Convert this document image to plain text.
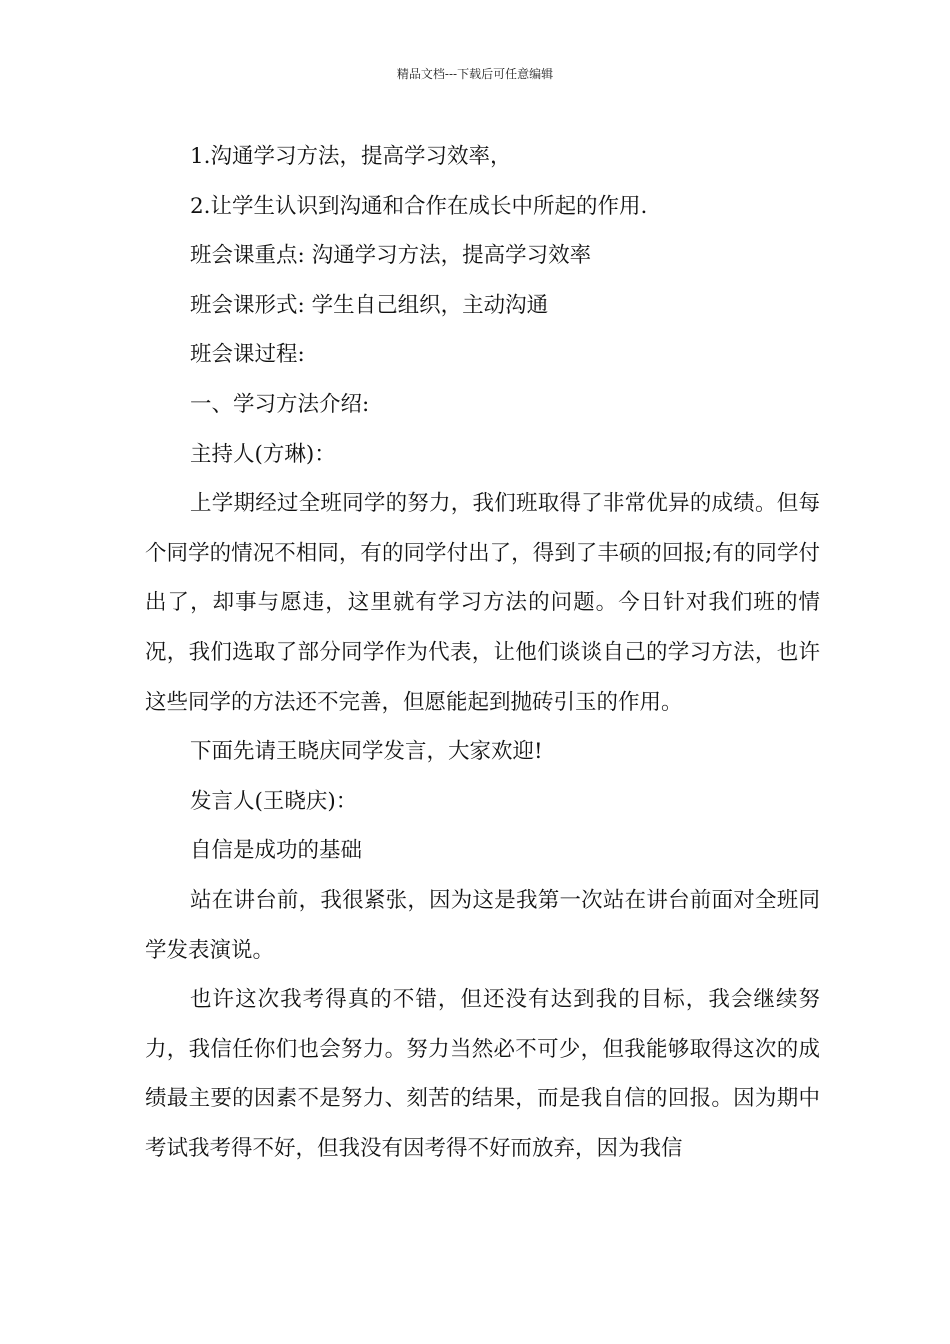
精品文档---下载后可任意编辑

1.沟通学习方法，提高学习效率，

2.让学生认识到沟通和合作在成长中所起的作用.

班会课重点: 沟通学习方法，提高学习效率

班会课形式: 学生自己组织，主动沟通

班会课过程:

一、学习方法介绍:

主持人(方琳)：

上学期经过全班同学的努力，我们班取得了非常优异的成绩。但每个同学的情况不相同，有的同学付出了，得到了丰硕的回报;有的同学付出了，却事与愿违，这里就有学习方法的问题。今日针对我们班的情况，我们选取了部分同学作为代表，让他们谈谈自己的学习方法，也许这些同学的方法还不完善，但愿能起到抛砖引玉的作用。

下面先请王晓庆同学发言，大家欢迎!

发言人(王晓庆)：

自信是成功的基础

站在讲台前，我很紧张，因为这是我第一次站在讲台前面对全班同学发表演说。

也许这次我考得真的不错，但还没有达到我的目标，我会继续努力，我信任你们也会努力。努力当然必不可少，但我能够取得这次的成绩最主要的因素不是努力、刻苦的结果，而是我自信的回报。因为期中考试我考得不好，但我没有因考得不好而放弃，因为我信
